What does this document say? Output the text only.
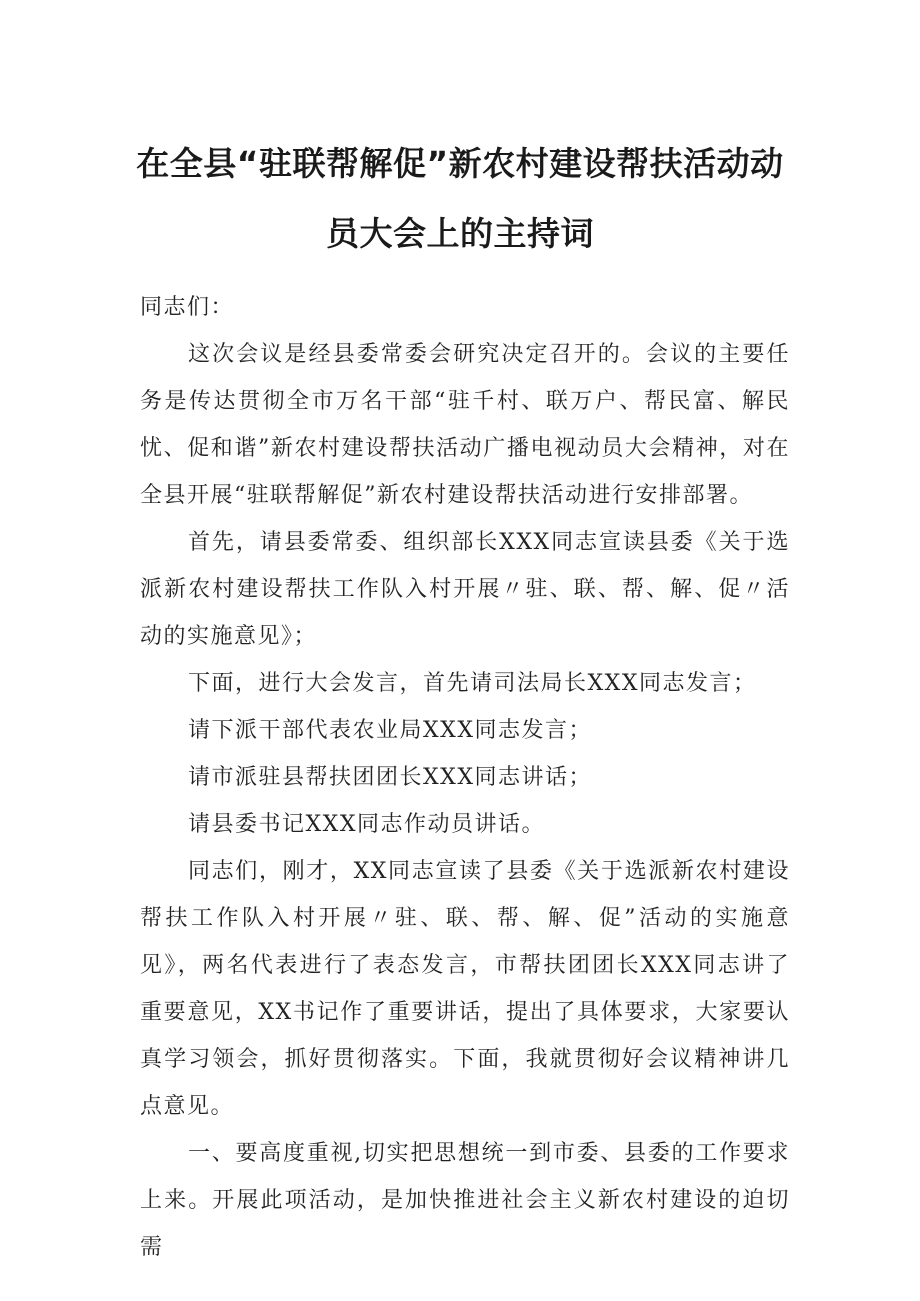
在全县“驻联帮解促”新农村建设帮扶活动动
员大会上的主持词

同志们：

这次会议是经县委常委会研究决定召开的。会议的主要任务是传达贯彻全市万名干部“驻千村、联万户、帮民富、解民忧、促和谐”新农村建设帮扶活动广播电视动员大会精神，对在全县开展“驻联帮解促”新农村建设帮扶活动进行安排部署。

首先，请县委常委、组织部长XXX同志宣读县委《关于选派新农村建设帮扶工作队入村开展〃驻、联、帮、解、促〃活动的实施意见》；

下面，进行大会发言，首先请司法局长XXX同志发言；

请下派干部代表农业局XXX同志发言；

请市派驻县帮扶团团长XXX同志讲话；

请县委书记XXX同志作动员讲话。

同志们，刚才，XX同志宣读了县委《关于选派新农村建设帮扶工作队入村开展〃驻、联、帮、解、促”活动的实施意见》，两名代表进行了表态发言，市帮扶团团长XXX同志讲了重要意见，XX书记作了重要讲话，提出了具体要求，大家要认真学习领会，抓好贯彻落实。下面，我就贯彻好会议精神讲几点意见。

一、要高度重视,切实把思想统一到市委、县委的工作要求上来。开展此项活动，是加快推进社会主义新农村建设的迫切需
